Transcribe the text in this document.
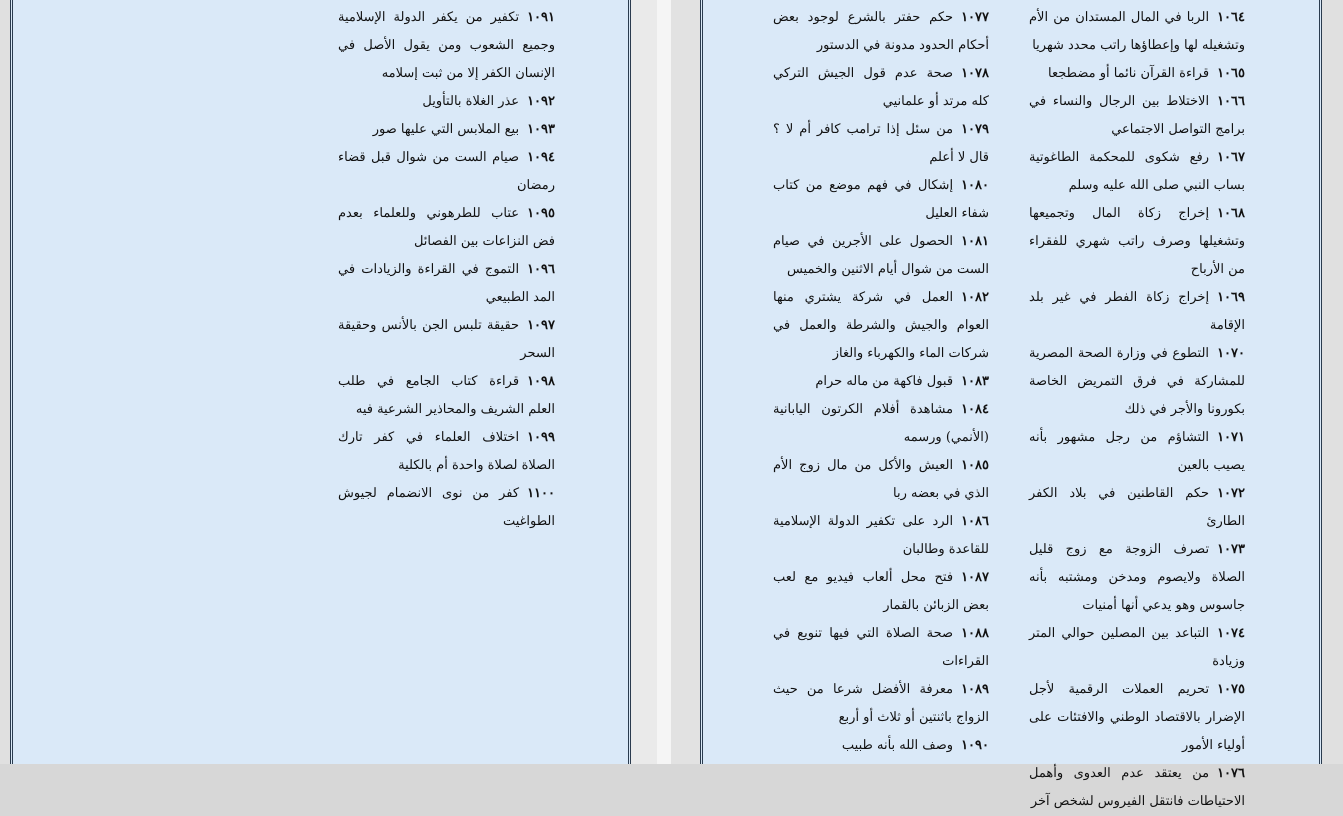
١٠٩١تكفير من يكفر الدولة الإسلامية وجميع الشعوب ومن يقول الأصل في الإنسان الكفر إلا من ثبت إسلامه

١٠٩٢عذر الغلاة بالتأويل

١٠٩٣بيع الملابس التي عليها صور

١٠٩٤صيام الست من شوال قبل قضاء رمضان

١٠٩٥عتاب للطرهوني وللعلماء بعدم فض النزاعات بين الفصائل

١٠٩٦التموج في القراءة والزيادات في المد الطبيعي

١٠٩٧حقيقة تلبس الجن بالأنس وحقيقة السحر

١٠٩٨قراءة كتاب الجامع في طلب العلم الشريف والمحاذير الشرعية فيه

١٠٩٩اختلاف العلماء في كفر تارك الصلاة لصلاة واحدة أم بالكلية

١١٠٠كفر من نوى الانضمام لجيوش الطواغيت

١٠٦٤الربا في المال المستدان من الأم وتشغيله لها وإعطاؤها راتب محدد شهريا

١٠٦٥قراءة القرآن نائما أو مضطجعا

١٠٦٦الاختلاط بين الرجال والنساء في برامج التواصل الاجتماعي

١٠٦٧رفع شكوى للمحكمة الطاغوتية بساب النبي صلى الله عليه وسلم

١٠٦٨إخراج زكاة المال وتجميعها وتشغيلها وصرف راتب شهري للفقراء من الأرباح

١٠٦٩إخراج زكاة الفطر في غير بلد الإقامة

١٠٧٠التطوع في وزارة الصحة المصرية للمشاركة في فرق التمريض الخاصة بكورونا والأجر في ذلك

١٠٧١التشاؤم من رجل مشهور بأنه يصيب بالعين

١٠٧٢حكم القاطنين في بلاد الكفر الطارئ

١٠٧٣تصرف الزوجة مع زوج قليل الصلاة ولايصوم ومدخن ومشتبه بأنه جاسوس وهو يدعي أنها أمنيات

١٠٧٤التباعد بين المصلين حوالي المتر وزيادة

١٠٧٥تحريم العملات الرقمية لأجل الإضرار بالاقتصاد الوطني والافتئات على أولياء الأمور

١٠٧٦من يعتقد عدم العدوى وأهمل الاحتياطات فانتقل الفيروس لشخص آخر

١٠٧٧حكم حفتر بالشرع لوجود بعض أحكام الحدود مدونة في الدستور

١٠٧٨صحة عدم قول الجيش التركي كله مرتد أو علمانيي

١٠٧٩من سئل إذا ترامب كافر أم لا ؟ قال لا أعلم

١٠٨٠إشكال في فهم موضع من كتاب شفاء العليل

١٠٨١الحصول على الأجرين في صيام الست من شوال أيام الاثنين والخميس

١٠٨٢العمل في شركة يشتري منها العوام والجيش والشرطة والعمل في شركات الماء والكهرباء والغاز

١٠٨٣قبول فاكهة من ماله حرام

١٠٨٤مشاهدة أفلام الكرتون اليابانية (الأنمي) ورسمه

١٠٨٥العيش والأكل من مال زوج الأم الذي في بعضه ربا

١٠٨٦الرد على تكفير الدولة الإسلامية للقاعدة وطالبان

١٠٨٧فتح محل ألعاب فيديو مع لعب بعض الزبائن بالقمار

١٠٨٨صحة الصلاة التي فيها تنويع في القراءات

١٠٨٩معرفة الأفضل شرعا من حيث الزواج باثنتين أو ثلاث أو أربع

١٠٩٠وصف الله بأنه طبيب
